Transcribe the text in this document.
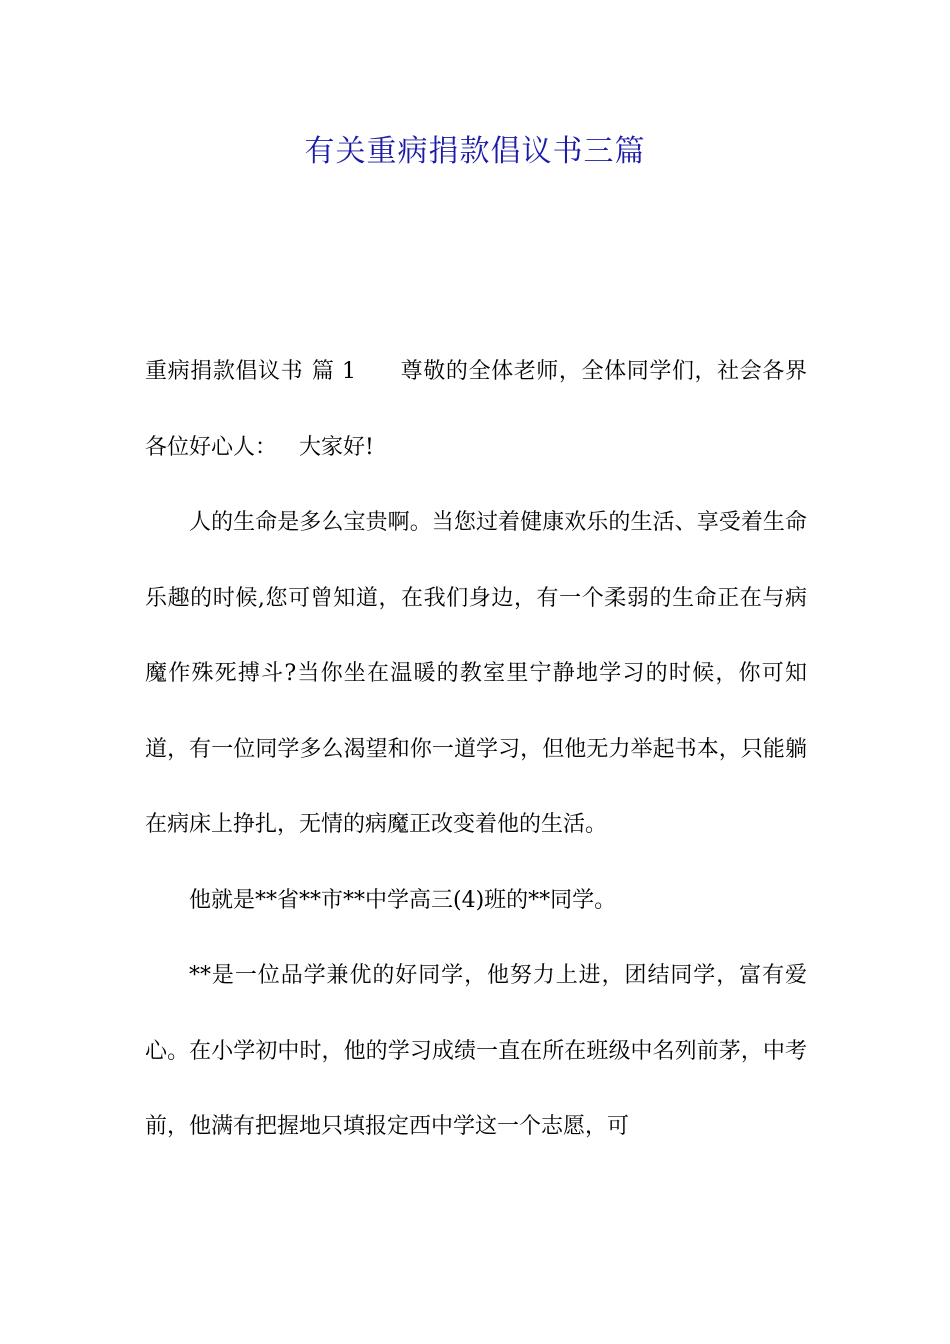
有关重病捐款倡议书三篇

重病捐款倡议书 篇 1 尊敬的全体老师，全体同学们，社会各界各位好心人： 大家好!

人的生命是多么宝贵啊。当您过着健康欢乐的生活、享受着生命乐趣的时候,您可曾知道，在我们身边，有一个柔弱的生命正在与病魔作殊死搏斗?当你坐在温暖的教室里宁静地学习的时候，你可知道，有一位同学多么渴望和你一道学习，但他无力举起书本，只能躺在病床上挣扎，无情的病魔正改变着他的生活。

他就是**省**市**中学高三(4)班的**同学。

**是一位品学兼优的好同学，他努力上进，团结同学，富有爱心。在小学初中时，他的学习成绩一直在所在班级中名列前茅，中考前，他满有把握地只填报定西中学这一个志愿，可
